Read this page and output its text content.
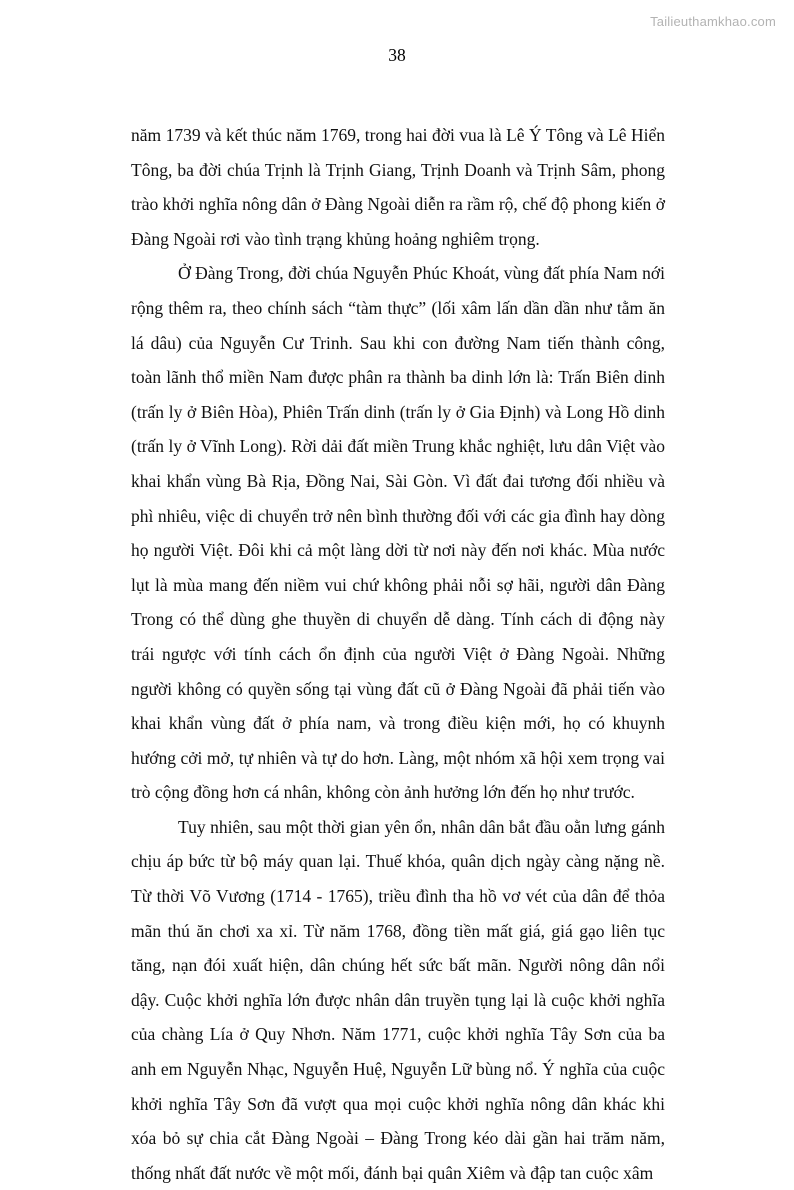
Tailieuthamkhao.com
38

năm 1739 và kết thúc năm 1769, trong hai đời vua là Lê Ý Tông và Lê Hiển Tông, ba đời chúa Trịnh là Trịnh Giang, Trịnh Doanh và Trịnh Sâm, phong trào khởi nghĩa nông dân ở Đàng Ngoài diễn ra rầm rộ, chế độ phong kiến ở Đàng Ngoài rơi vào tình trạng khủng hoảng nghiêm trọng.

Ở Đàng Trong, đời chúa Nguyễn Phúc Khoát, vùng đất phía Nam nới rộng thêm ra, theo chính sách “tàm thực” (lối xâm lấn dần dần như tằm ăn lá dâu) của Nguyễn Cư Trinh. Sau khi con đường Nam tiến thành công, toàn lãnh thổ miền Nam được phân ra thành ba dinh lớn là: Trấn Biên dinh (trấn ly ở Biên Hòa), Phiên Trấn dinh (trấn ly ở Gia Định) và Long Hồ dinh (trấn ly ở Vĩnh Long). Rời dải đất miền Trung khắc nghiệt, lưu dân Việt vào khai khẩn vùng Bà Rịa, Đồng Nai, Sài Gòn. Vì đất đai tương đối nhiều và phì nhiêu, việc di chuyển trở nên bình thường đối với các gia đình hay dòng họ người Việt. Đôi khi cả một làng dời từ nơi này đến nơi khác. Mùa nước lụt là mùa mang đến niềm vui chứ không phải nỗi sợ hãi, người dân Đàng Trong có thể dùng ghe thuyền di chuyển dễ dàng. Tính cách di động này trái ngược với tính cách ổn định của người Việt ở Đàng Ngoài. Những người không có quyền sống tại vùng đất cũ ở Đàng Ngoài đã phải tiến vào khai khẩn vùng đất ở phía nam, và trong điều kiện mới, họ có khuynh hướng cởi mở, tự nhiên và tự do hơn. Làng, một nhóm xã hội xem trọng vai trò cộng đồng hơn cá nhân, không còn ảnh hưởng lớn đến họ như trước.

Tuy nhiên, sau một thời gian yên ổn, nhân dân bắt đầu oằn lưng gánh chịu áp bức từ bộ máy quan lại. Thuế khóa, quân dịch ngày càng nặng nề. Từ thời Võ Vương (1714 - 1765), triều đình tha hồ vơ vét của dân để thỏa mãn thú ăn chơi xa xỉ. Từ năm 1768, đồng tiền mất giá, giá gạo liên tục tăng, nạn đói xuất hiện, dân chúng hết sức bất mãn. Người nông dân nổi dậy. Cuộc khởi nghĩa lớn được nhân dân truyền tụng lại là cuộc khởi nghĩa của chàng Lía ở Quy Nhơn. Năm 1771, cuộc khởi nghĩa Tây Sơn của ba anh em Nguyễn Nhạc, Nguyễn Huệ, Nguyễn Lữ bùng nổ. Ý nghĩa của cuộc khởi nghĩa Tây Sơn đã vượt qua mọi cuộc khởi nghĩa nông dân khác khi xóa bỏ sự chia cắt Đàng Ngoài – Đàng Trong kéo dài gần hai trăm năm, thống nhất đất nước về một mối, đánh bại quân Xiêm và đập tan cuộc xâm
